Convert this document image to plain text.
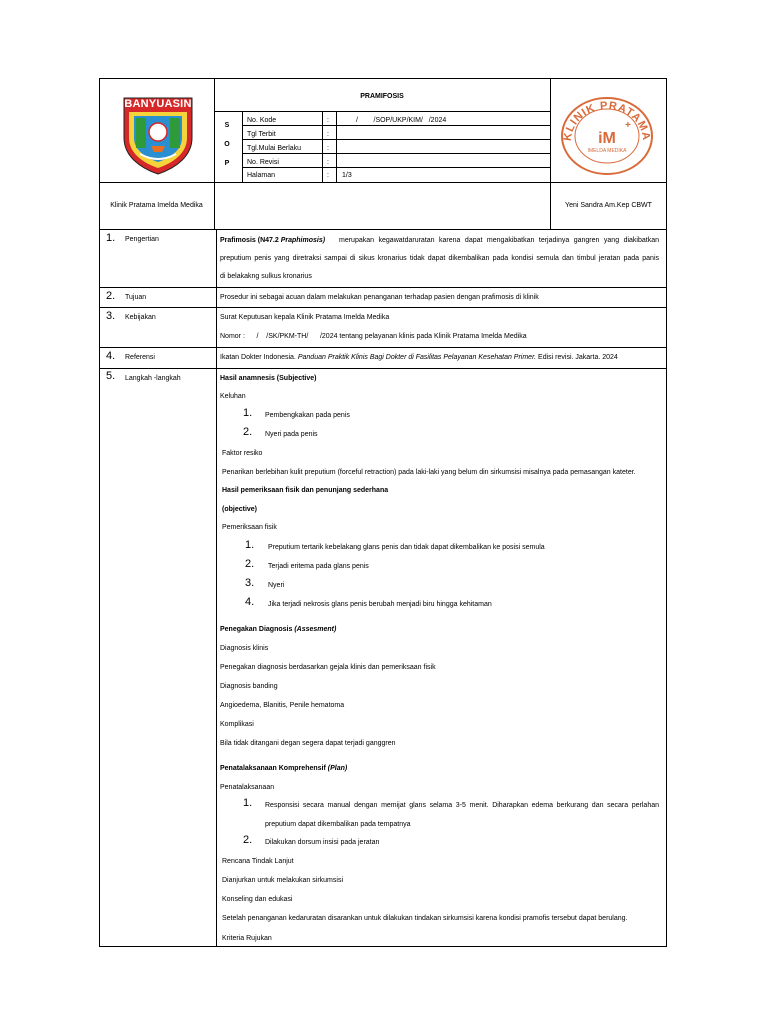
BANYUASIN
PRAMIFOSIS
S
O
P
No. Kode	:	/        /SOP/UKP/KIM/   /2024
Tgl Terbit	:
Tgl.Mulai Berlaku	:
No. Revisi	:
Halaman	: 1/3
KLINIK PRATAMA
iM
+
IMELDA MEDIKA
Klinik Pratama Imelda Medika	Yeni Sandra Am.Kep CBWT
1. Pengertian	Prafimosis (N47.2 Praphimosis) merupakan kegawatdaruratan karena dapat mengakibatkan terjadinya gangren yang diakibatkan
preputium penis yang diretraksi sampai di sikus kronarius tidak dapat dikembalikan pada kondisi semula dan timbul jeratan pada panis
di belakakng sulkus kronarius
2. Tujuan	Prosedur ini sebagai acuan dalam melakukan penanganan terhadap pasien dengan prafimosis di klinik
3. Kebijakan	Surat Keputusan kepala Klinik Pratama Imelda Medika
Nomor :      /    /SK/PKM-TH/      /2024 tentang pelayanan klinis pada Klinik Pratama Imelda Medika
4. Referensi	Ikatan Dokter Indonesia. Panduan Praktik Klinis Bagi Dokter di Fasilitas Pelayanan Kesehatan Primer. Edisi revisi. Jakarta. 2024
5. Langkah -langkah	Hasil anamnesis (Subjective)
Keluhan
1. Pembengkakan pada penis
2. Nyeri pada penis
Faktor resiko
Penarikan berlebihan kulit preputium (forceful retraction) pada laki-laki yang belum din sirkumsisi misalnya pada pemasangan kateter.
Hasil pemeriksaan fisik dan penunjang sederhana
(objective)
Pemeriksaan fisik
1. Preputium tertarik kebelakang glans penis dan tidak dapat dikembalikan ke posisi semula
2. Terjadi eritema pada glans penis
3. Nyeri
4. Jika terjadi nekrosis glans penis berubah menjadi biru hingga kehitaman
Penegakan Diagnosis (Assesment)
Diagnosis klinis
Penegakan diagnosis berdasarkan gejala klinis dan pemeriksaan fisik
Diagnosis banding
Angioedema, Blanitis, Penile hematoma
Komplikasi
Bila tidak ditangani degan segera dapat terjadi ganggren
Penatalaksanaan Komprehensif (Plan)
Penatalaksanaan
1. Responsisi secara manual dengan memijat glans selama 3-5 menit. Diharapkan edema berkurang dan secara perlahan
preputium dapat dikembalikan pada tempatnya
2. Dilakukan dorsum insisi pada jeratan
Rencana Tindak Lanjut
Dianjurkan untuk melakukan sirkumsisi
Konseling dan edukasi
Setelah penanganan kedaruratan disarankan untuk dilakukan tindakan sirkumsisi karena kondisi pramofis tersebut dapat berulang.
Kriteria Rujukan
